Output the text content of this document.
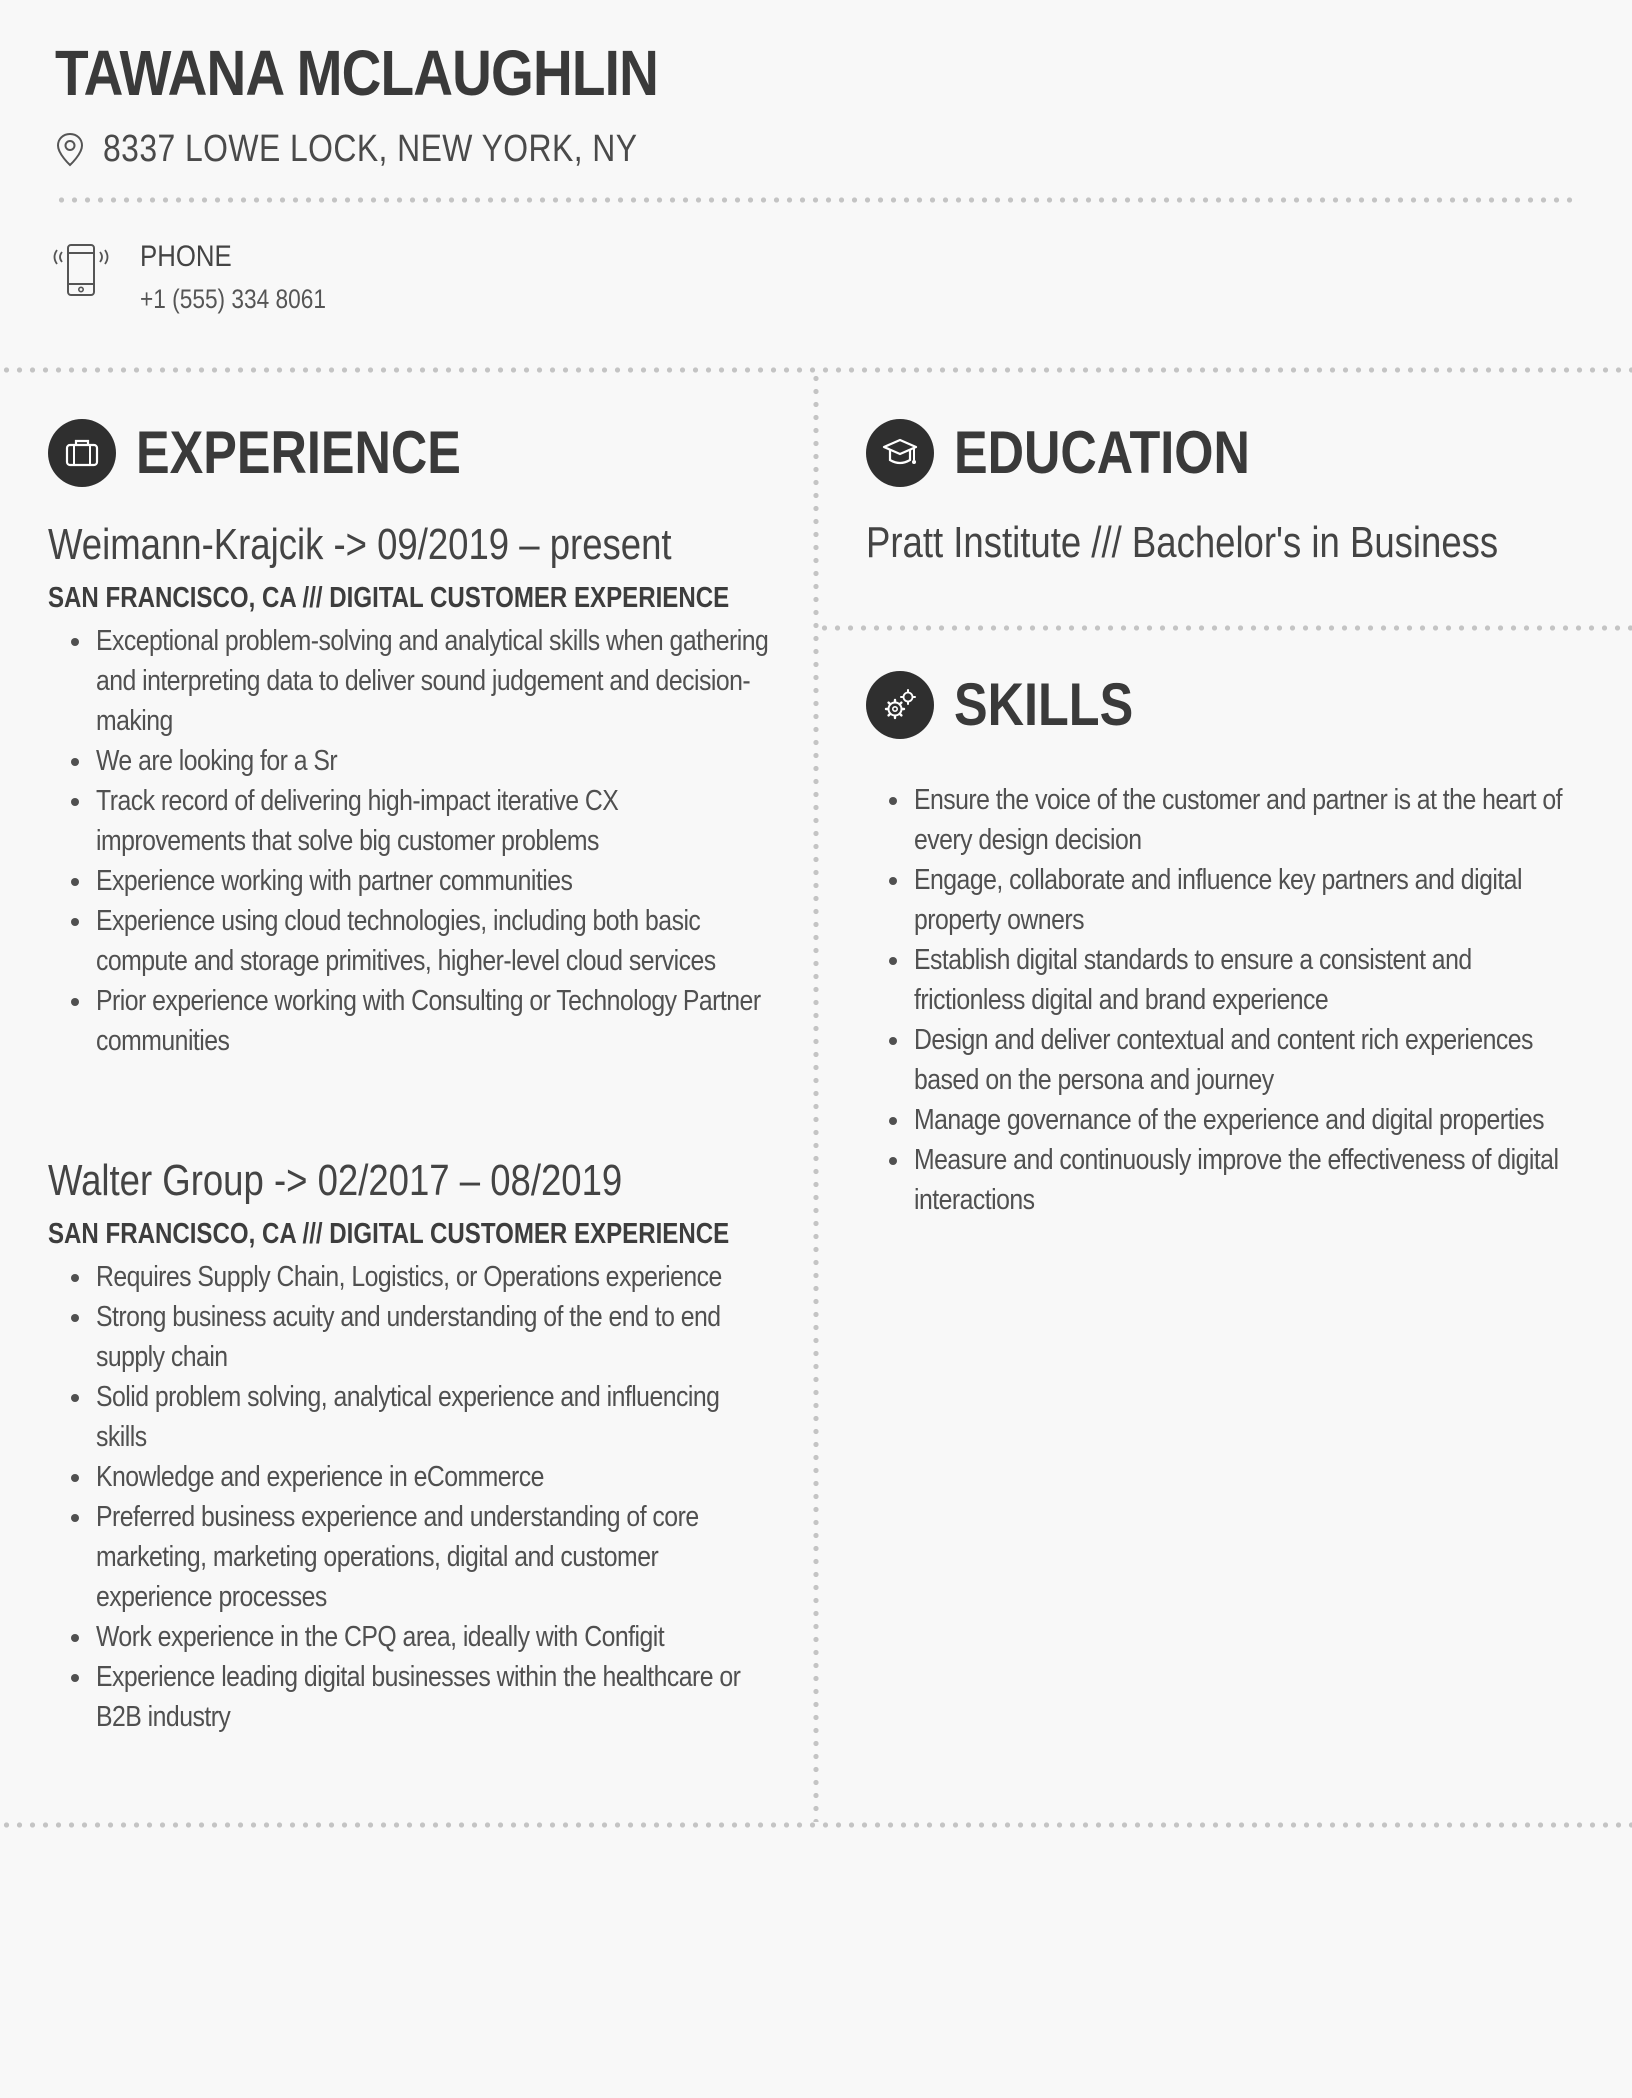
TAWANA MCLAUGHLIN
8337 LOWE LOCK, NEW YORK, NY
PHONE
+1 (555) 334 8061
EXPERIENCE
Weimann-Krajcik -> 09/2019 – present
SAN FRANCISCO, CA /// DIGITAL CUSTOMER EXPERIENCE
Exceptional problem-solving and analytical skills when gathering and interpreting data to deliver sound judgement and decision-making
We are looking for a Sr
Track record of delivering high-impact iterative CX improvements that solve big customer problems
Experience working with partner communities
Experience using cloud technologies, including both basic compute and storage primitives, higher-level cloud services
Prior experience working with Consulting or Technology Partner communities
Walter Group -> 02/2017 – 08/2019
SAN FRANCISCO, CA /// DIGITAL CUSTOMER EXPERIENCE
Requires Supply Chain, Logistics, or Operations experience
Strong business acuity and understanding of the end to end supply chain
Solid problem solving, analytical experience and influencing skills
Knowledge and experience in eCommerce
Preferred business experience and understanding of core marketing, marketing operations, digital and customer experience processes
Work experience in the CPQ area, ideally with Configit
Experience leading digital businesses within the healthcare or B2B industry
EDUCATION
Pratt Institute /// Bachelor's in Business
SKILLS
Ensure the voice of the customer and partner is at the heart of every design decision
Engage, collaborate and influence key partners and digital property owners
Establish digital standards to ensure a consistent and frictionless digital and brand experience
Design and deliver contextual and content rich experiences based on the persona and journey
Manage governance of the experience and digital properties
Measure and continuously improve the effectiveness of digital interactions
